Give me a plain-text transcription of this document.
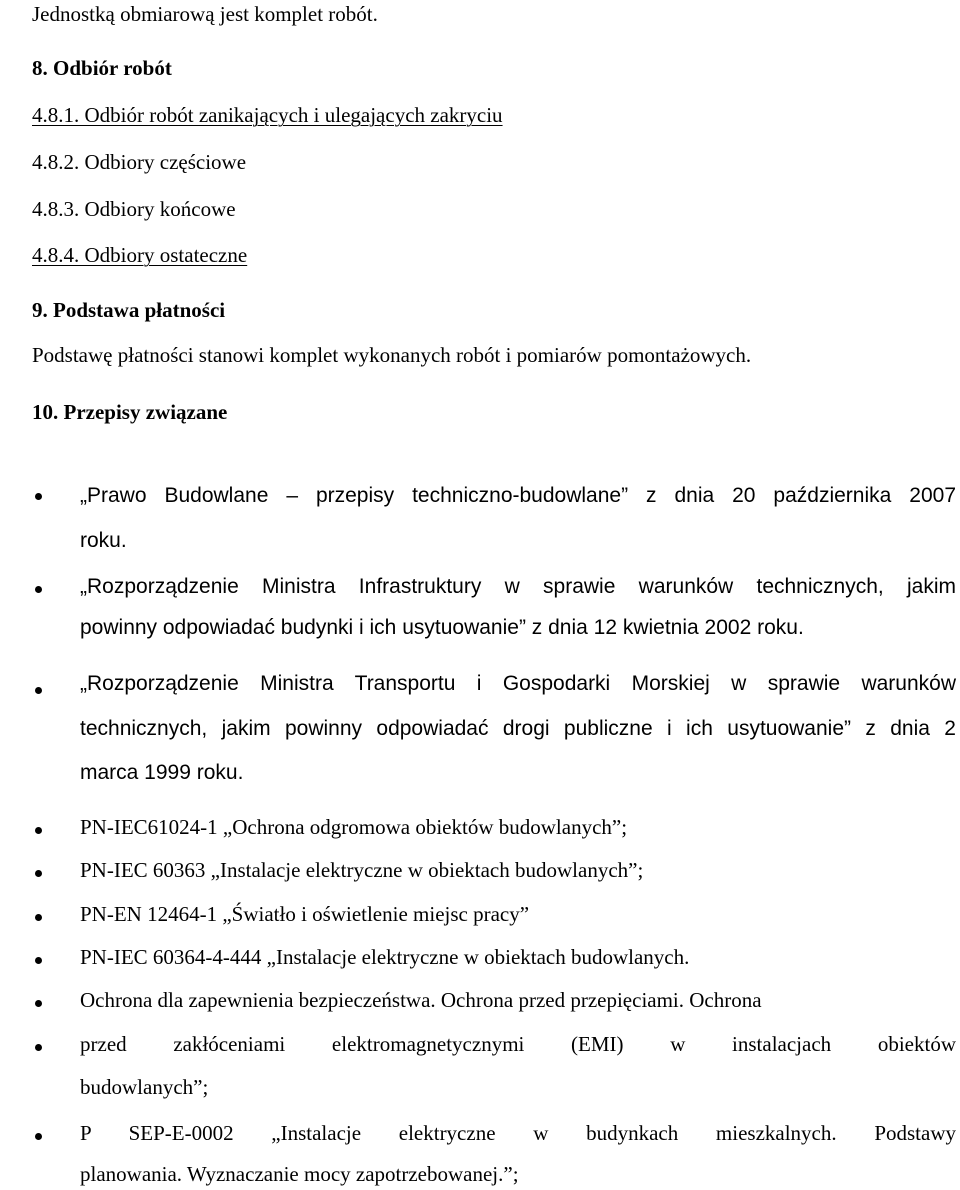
Jednostką obmiarową jest komplet robót.
8. Odbiór robót
4.8.1. Odbiór robót zanikających i ulegających zakryciu
4.8.2. Odbiory częściowe
4.8.3. Odbiory końcowe
4.8.4. Odbiory ostateczne
9. Podstawa płatności
Podstawę płatności stanowi komplet wykonanych robót i pomiarów pomontażowych.
10. Przepisy związane
„Prawo Budowlane – przepisy techniczno-budowlane” z dnia 20 października 2007
roku.
„Rozporządzenie Ministra Infrastruktury w sprawie warunków technicznych, jakim
powinny odpowiadać budynki i ich usytuowanie” z dnia 12 kwietnia 2002 roku.
„Rozporządzenie Ministra Transportu i Gospodarki Morskiej w sprawie warunków
technicznych, jakim powinny odpowiadać drogi publiczne i ich usytuowanie” z dnia 2
marca 1999 roku.
PN-IEC61024-1 „Ochrona odgromowa obiektów budowlanych”;
PN-IEC 60363 „Instalacje elektryczne w obiektach budowlanych”;
PN-EN 12464-1 „Światło i oświetlenie miejsc pracy”
PN-IEC 60364-4-444 „Instalacje elektryczne w obiektach budowlanych.
Ochrona dla zapewnienia bezpieczeństwa. Ochrona przed przepięciami. Ochrona
przed zakłóceniami elektromagnetycznymi (EMI) w instalacjach obiektów
budowlanych”;
P SEP-E-0002 „Instalacje elektryczne w budynkach mieszkalnych. Podstawy
planowania. Wyznaczanie mocy zapotrzebowanej.”;
